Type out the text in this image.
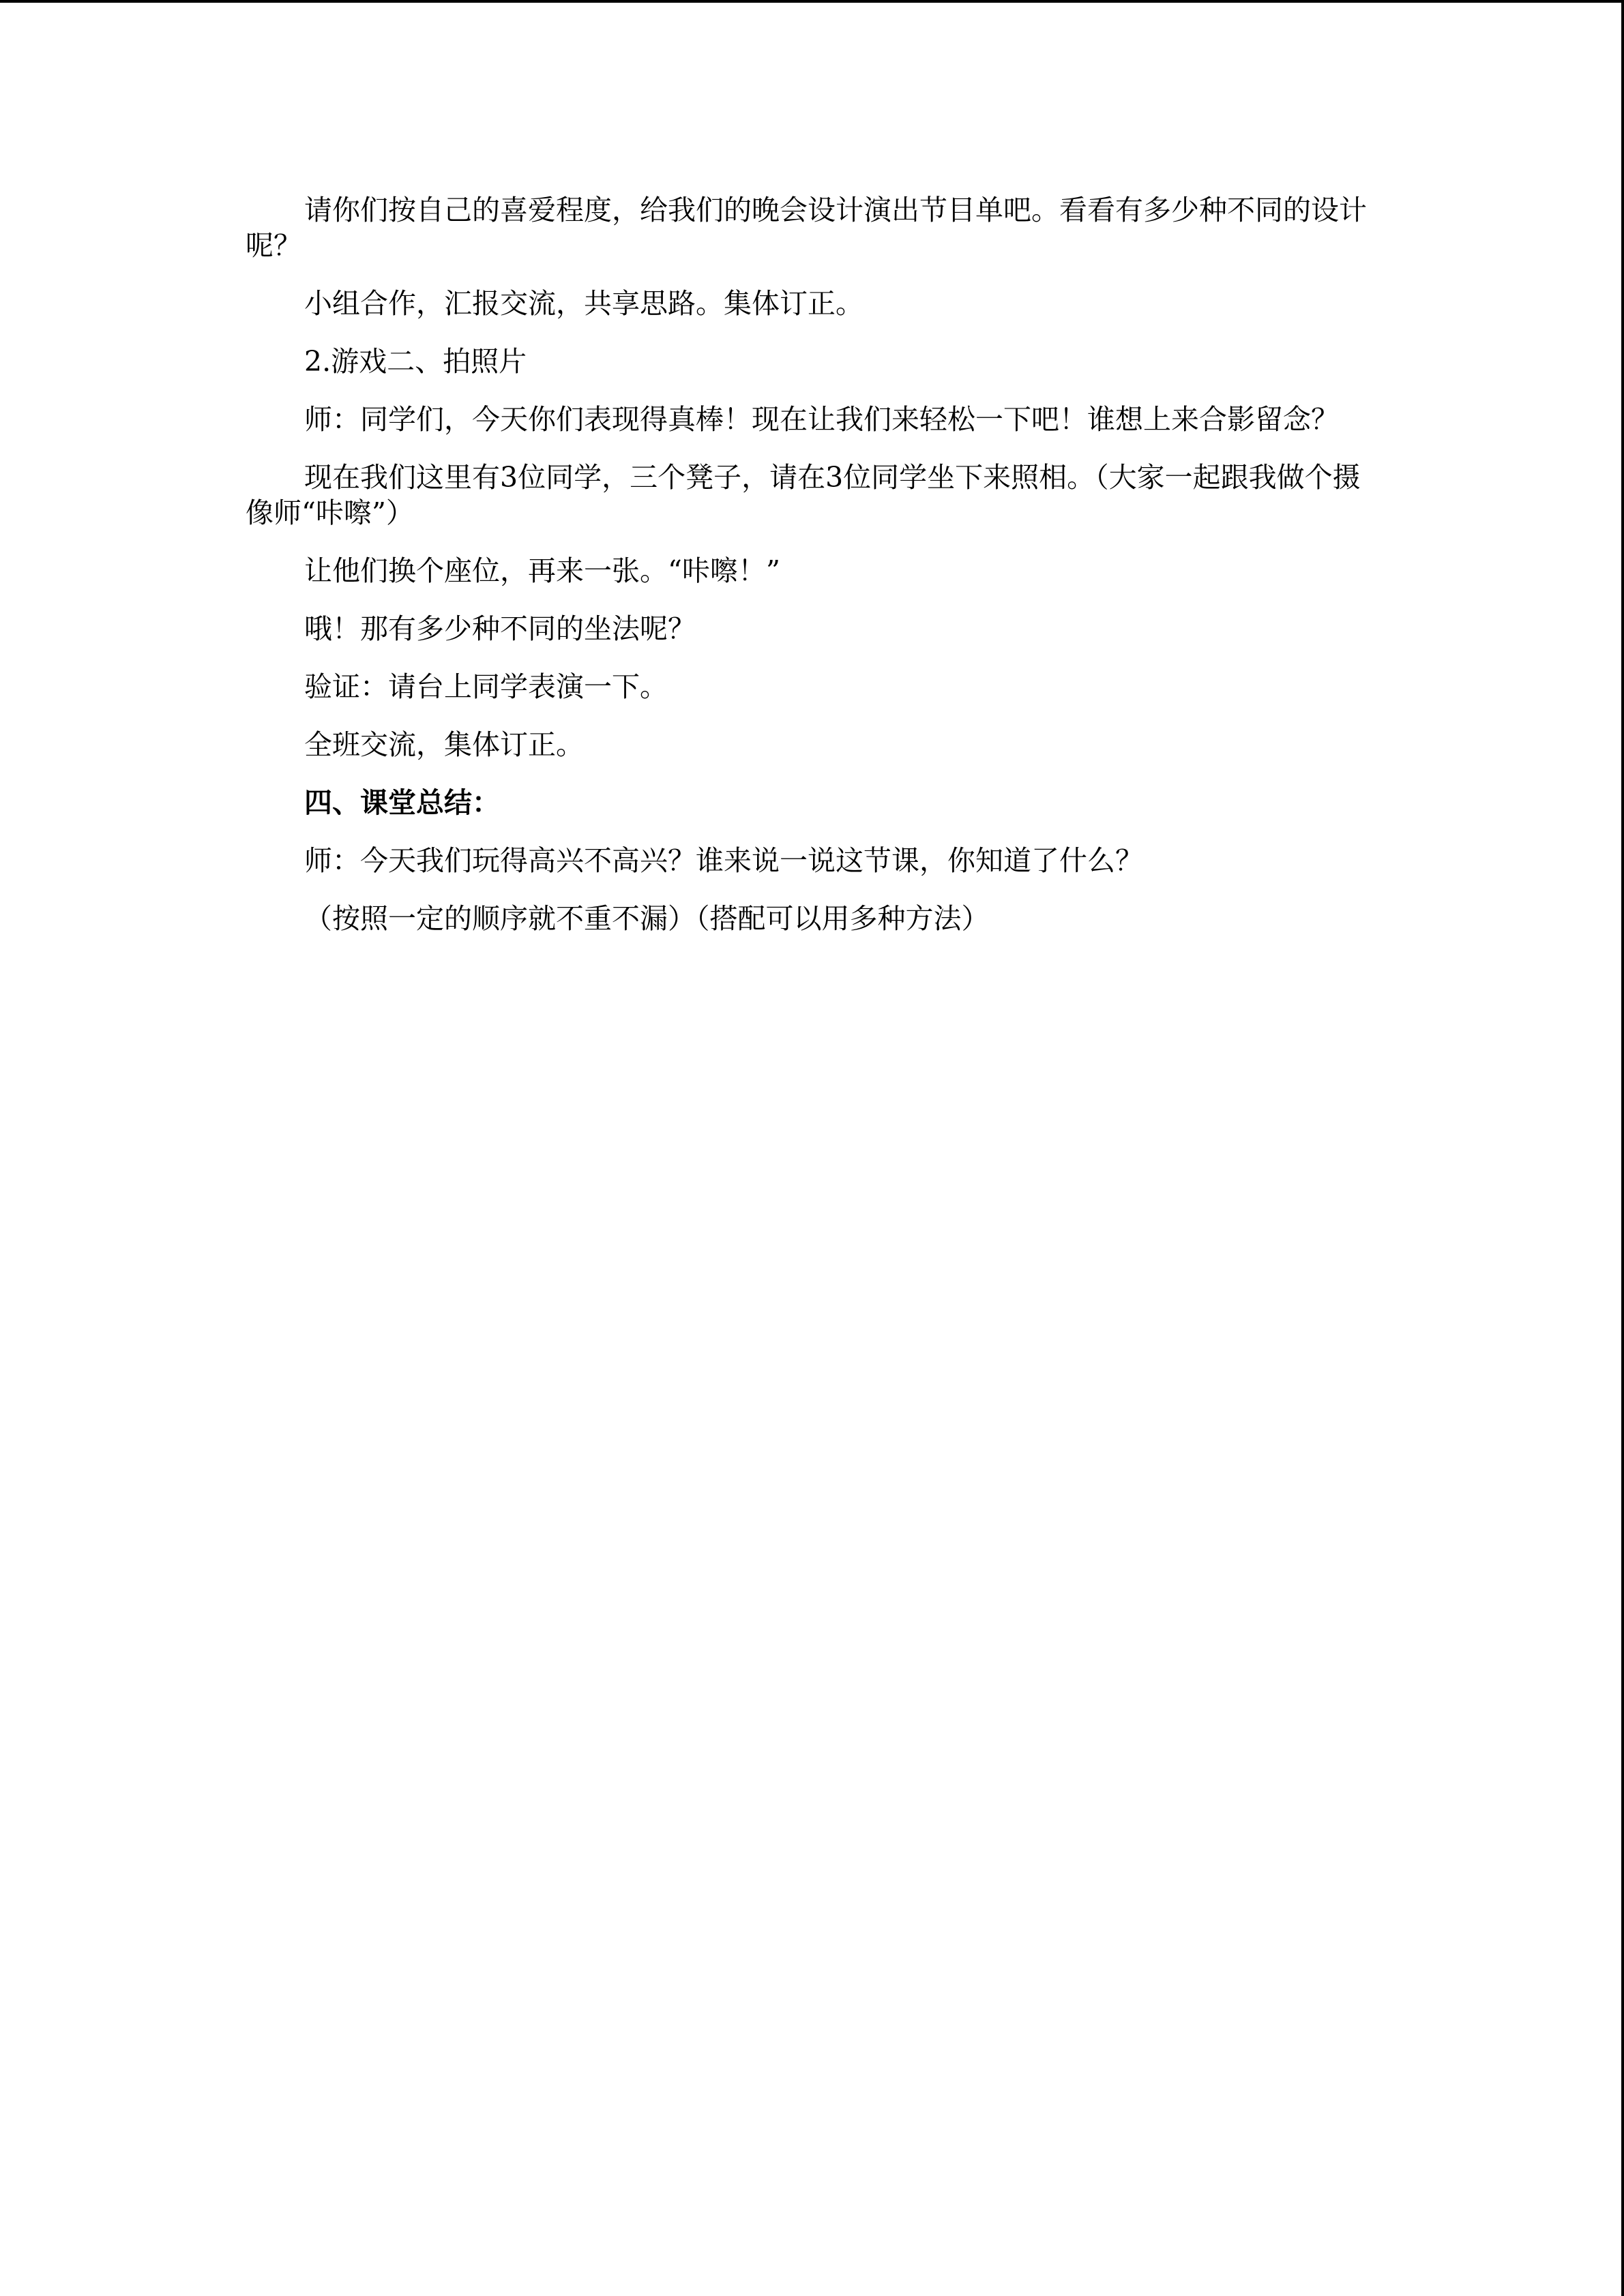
请你们按自己的喜爱程度，给我们的晚会设计演出节目单吧。看看有多少种不同的设计呢？

小组合作，汇报交流，共享思路。集体订正。

2.游戏二、拍照片

师：同学们，今天你们表现得真棒！现在让我们来轻松一下吧！谁想上来合影留念？

现在我们这里有3位同学，三个凳子，请在3位同学坐下来照相。（大家一起跟我做个摄像师“咔嚓”）

让他们换个座位，再来一张。“咔嚓！”

哦！那有多少种不同的坐法呢？

验证：请台上同学表演一下。

全班交流，集体订正。

四、课堂总结：

师：今天我们玩得高兴不高兴？谁来说一说这节课，你知道了什么？

（按照一定的顺序就不重不漏）（搭配可以用多种方法）
